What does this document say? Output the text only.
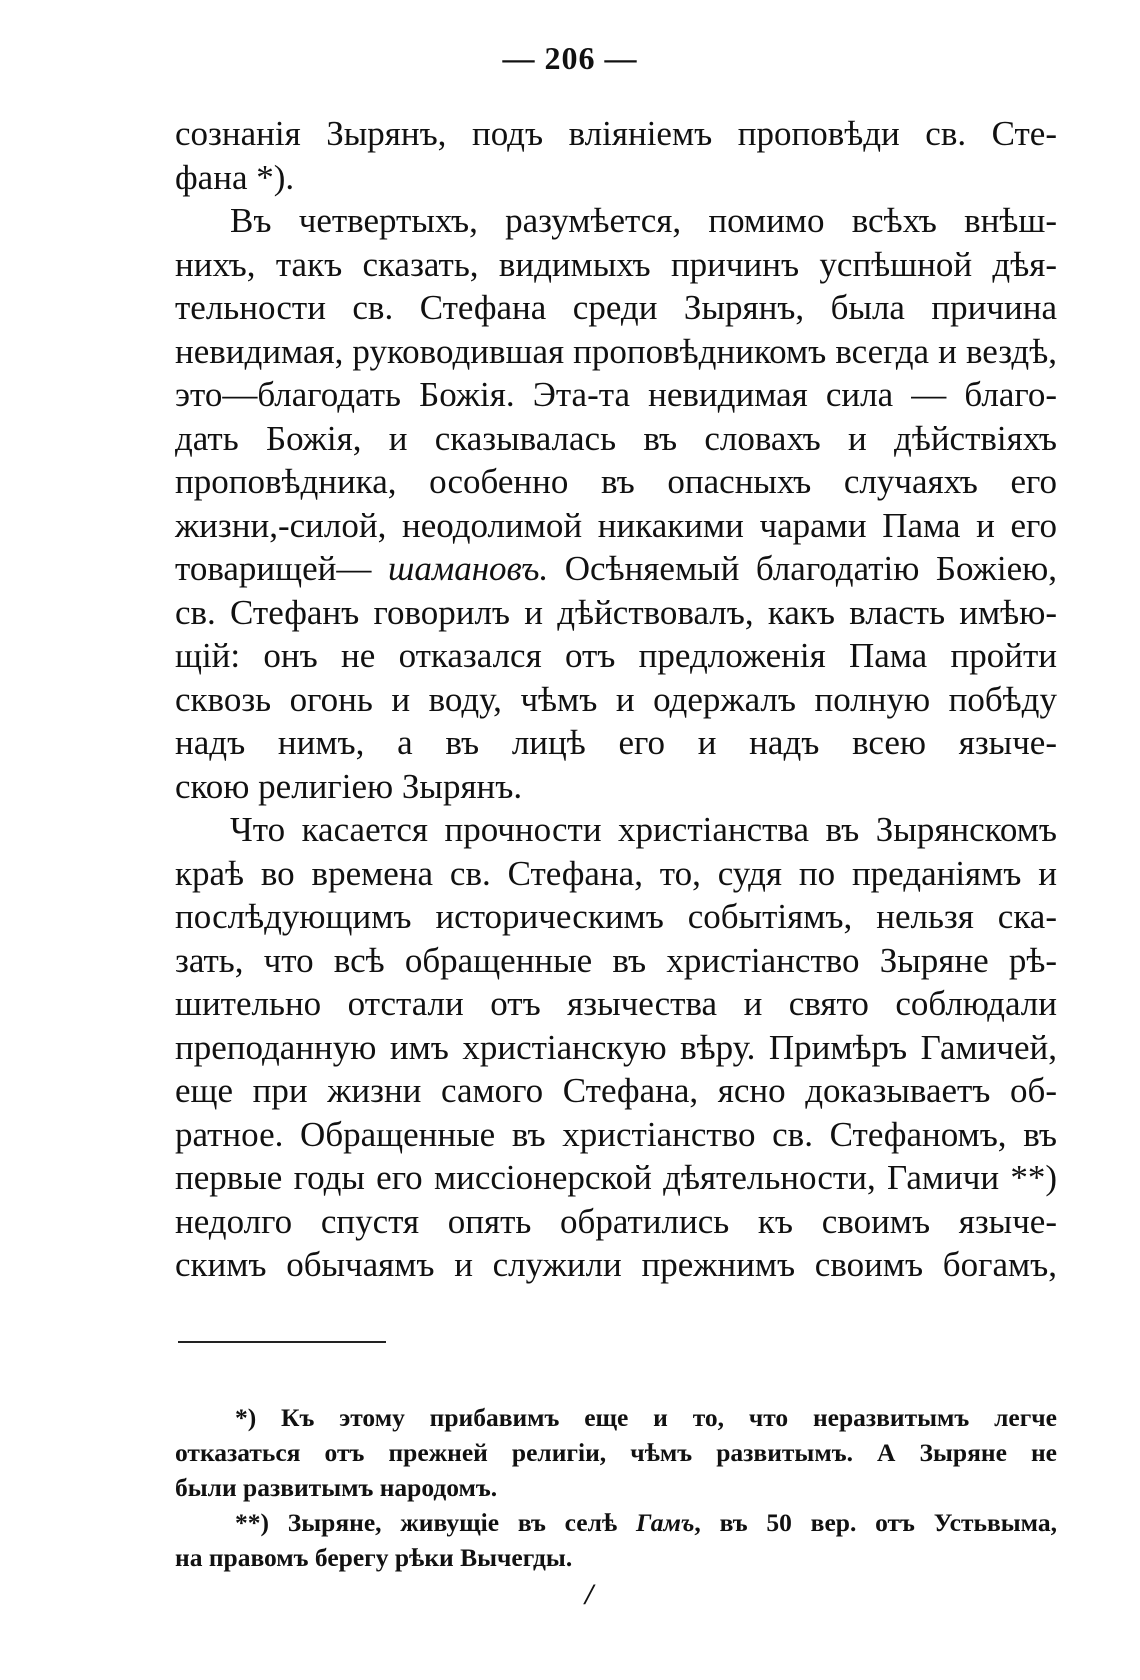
— 206 —

сознанія Зырянъ, подъ вліяніемъ проповѣди св. Сте-
фана *).

Въ четвертыхъ, разумѣется, помимо всѣхъ внѣш-
нихъ, такъ сказать, видимыхъ причинъ успѣшной дѣя-
тельности св. Стефана среди Зырянъ, была причина
невидимая, руководившая проповѣдникомъ всегда и вездѣ,
это—благодать Божія. Эта-та невидимая сила — благо-
дать Божія, и сказывалась въ словахъ и дѣйствіяхъ
проповѣдника, особенно въ опасныхъ случаяхъ его
жизни,-силой, неодолимой никакими чарами Пама и его
товарищей— шамановъ. Осѣняемый благодатію Божіею,
св. Стефанъ говорилъ и дѣйствовалъ, какъ власть имѣю-
щій: онъ не отказался отъ предложенія Пама пройти
сквозь огонь и воду, чѣмъ и одержалъ полную побѣду
надъ нимъ, а въ лицѣ его и надъ всею языче-
скою религіею Зырянъ.

Что касается прочности христіанства въ Зырянскомъ
краѣ во времена св. Стефана, то, судя по преданіямъ и
послѣдующимъ историческимъ событіямъ, нельзя ска-
зать, что всѣ обращенные въ христіанство Зыряне рѣ-
шительно отстали отъ язычества и свято соблюдали
преподанную имъ христіанскую вѣру. Примѣръ Гамичей,
еще при жизни самого Стефана, ясно доказываетъ об-
ратное. Обращенные въ христіанство св. Стефаномъ, въ
первые годы его миссіонерской дѣятельности, Гамичи **)
недолго спустя опять обратились къ своимъ языче-
скимъ обычаямъ и служили прежнимъ своимъ богамъ,

*) Къ этому прибавимъ еще и то, что неразвитымъ легче
отказаться отъ прежней религіи, чѣмъ развитымъ. А Зыряне не
были развитымъ народомъ.
**) Зыряне, живущіе въ селѣ Гамъ, въ 50 вер. отъ Устьвыма,
на правомъ берегу рѣки Вычегды.
/
